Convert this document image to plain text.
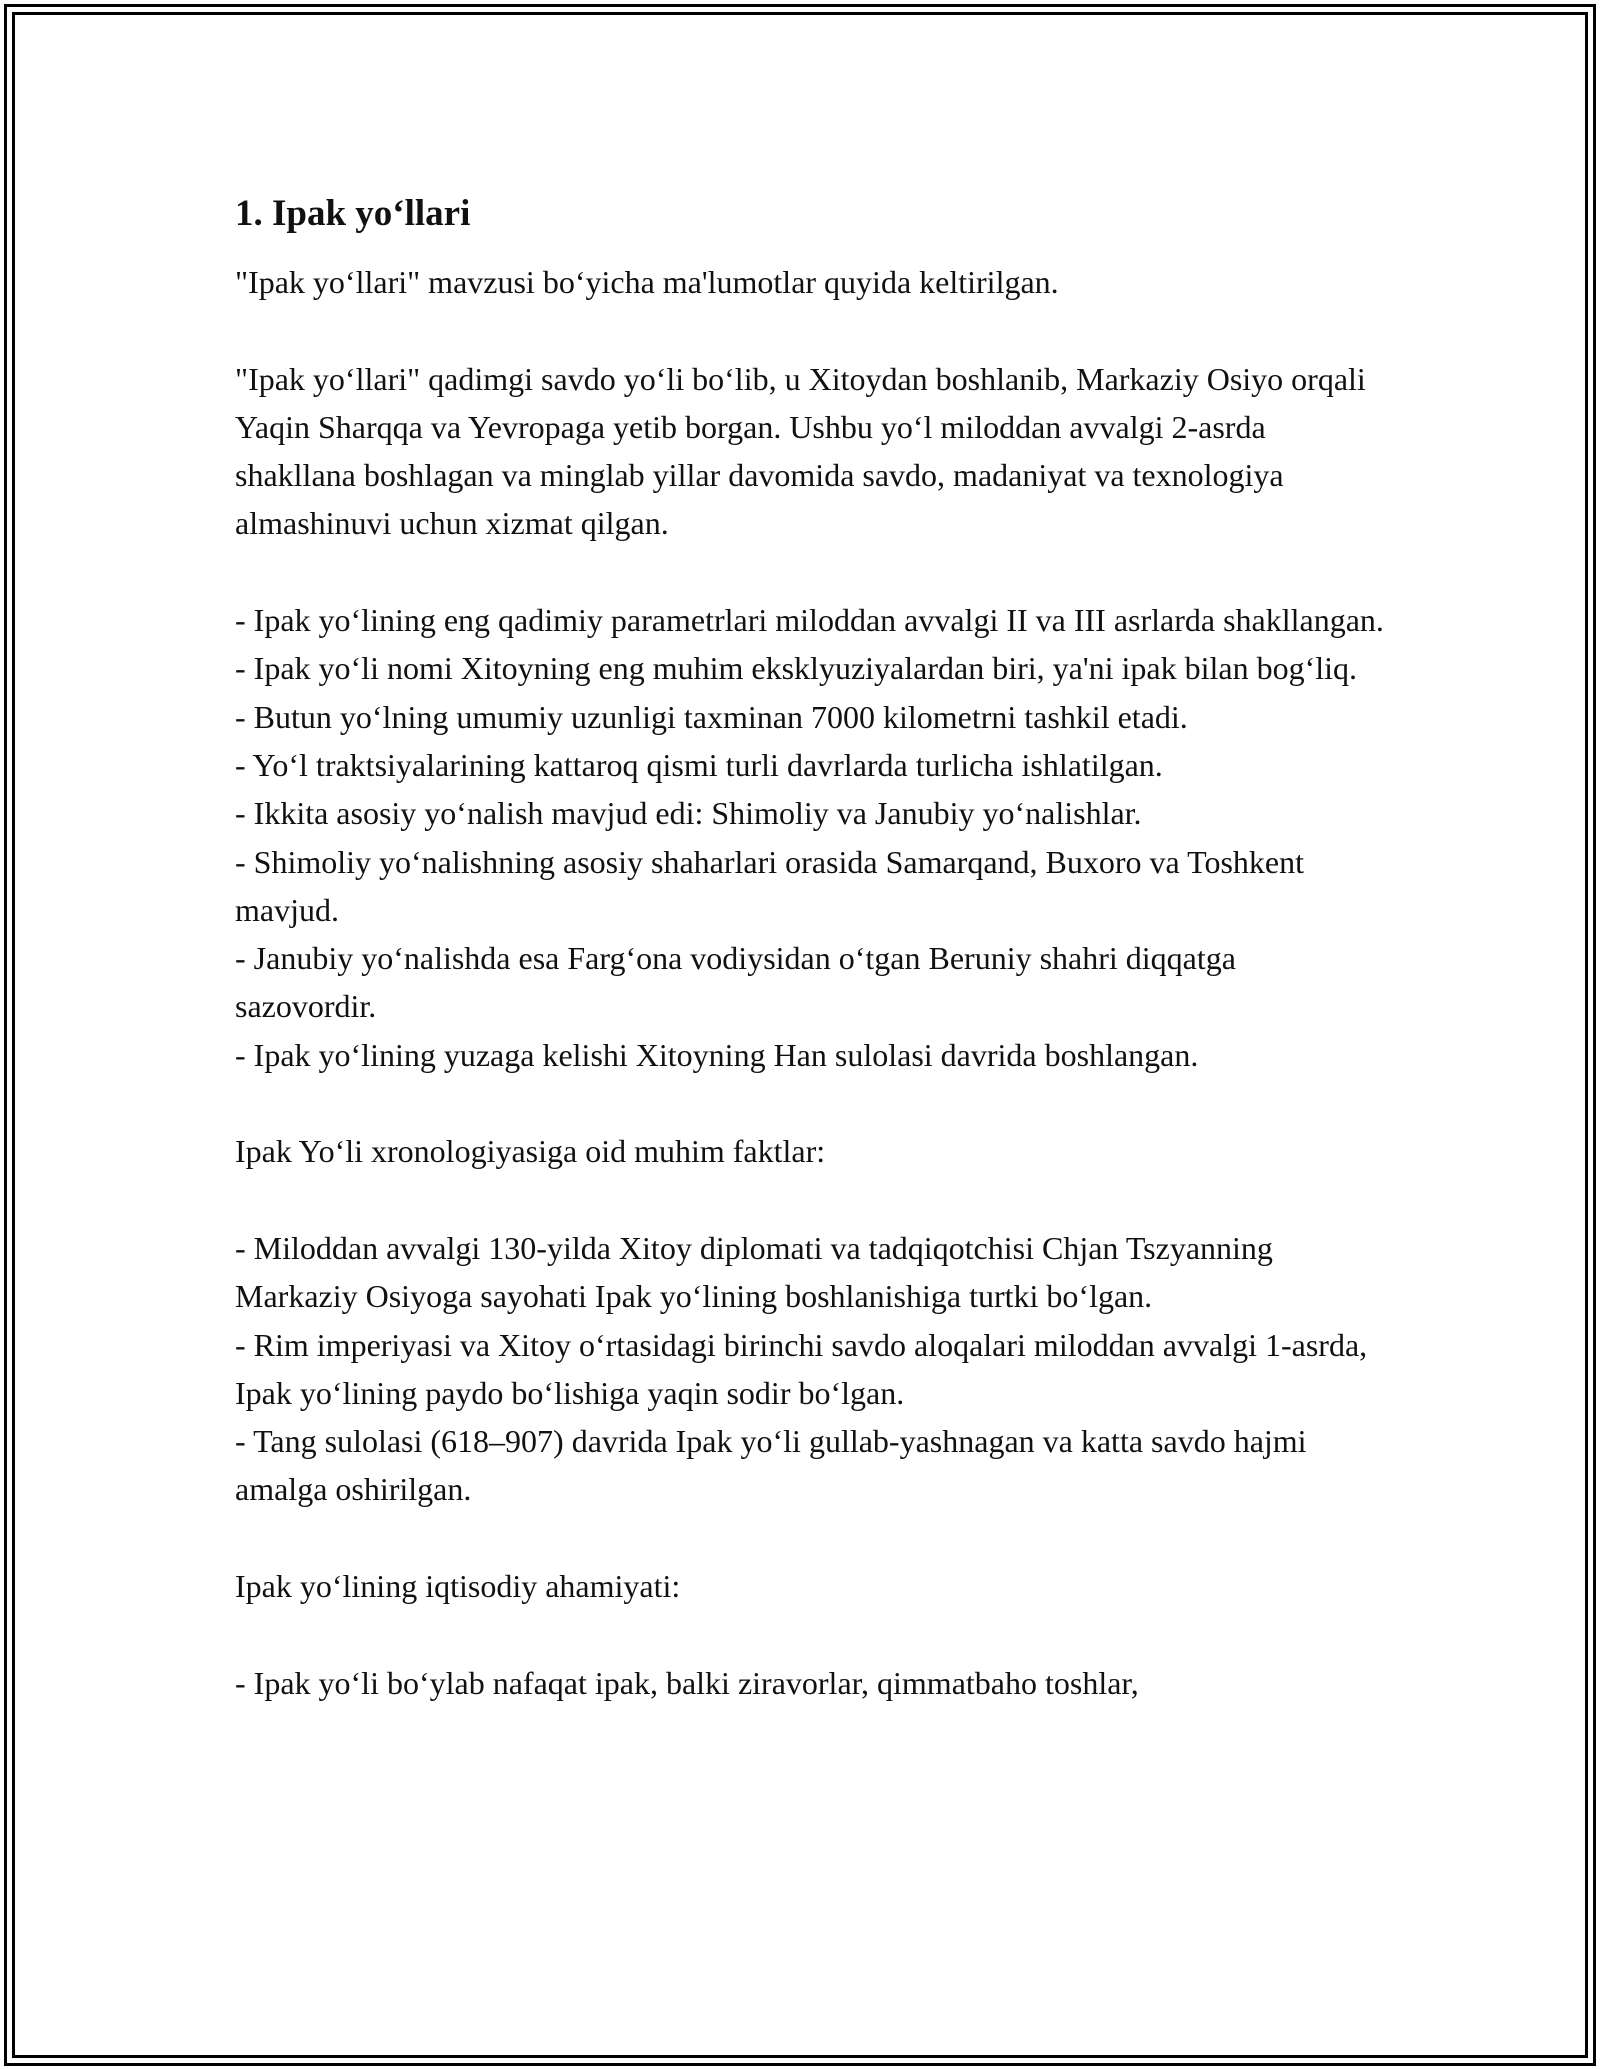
1. Ipak yo‘llari

"Ipak yo‘llari" mavzusi bo‘yicha ma'lumotlar quyida keltirilgan.

"Ipak yo‘llari" qadimgi savdo yo‘li bo‘lib, u Xitoydan boshlanib, Markaziy Osiyo orqali Yaqin Sharqqa va Yevropaga yetib borgan. Ushbu yo‘l miloddan avvalgi 2-asrda shakllana boshlagan va minglab yillar davomida savdo, madaniyat va texnologiya almashinuvi uchun xizmat qilgan.

- Ipak yo‘lining eng qadimiy parametrlari miloddan avvalgi II va III asrlarda shakllangan.

- Ipak yo‘li nomi Xitoyning eng muhim eksklyuziyalardan biri, ya'ni ipak bilan bog‘liq.

- Butun yo‘lning umumiy uzunligi taxminan 7000 kilometrni tashkil etadi.

- Yo‘l traktsiyalarining kattaroq qismi turli davrlarda turlicha ishlatilgan.

- Ikkita asosiy yo‘nalish mavjud edi: Shimoliy va Janubiy yo‘nalishlar.

- Shimoliy yo‘nalishning asosiy shaharlari orasida Samarqand, Buxoro va Toshkent mavjud.

- Janubiy yo‘nalishda esa Farg‘ona vodiysidan o‘tgan Beruniy shahri diqqatga sazovordir.

- Ipak yo‘lining yuzaga kelishi Xitoyning Han sulolasi davrida boshlangan.

Ipak Yo‘li xronologiyasiga oid muhim faktlar:

- Miloddan avvalgi 130-yilda Xitoy diplomati va tadqiqotchisi Chjan Tszyanning Markaziy Osiyoga sayohati Ipak yo‘lining boshlanishiga turtki bo‘lgan.

- Rim imperiyasi va Xitoy o‘rtasidagi birinchi savdo aloqalari miloddan avvalgi 1-asrda, Ipak yo‘lining paydo bo‘lishiga yaqin sodir bo‘lgan.

- Tang sulolasi (618–907) davrida Ipak yo‘li gullab-yashnagan va katta savdo hajmi amalga oshirilgan.

Ipak yo‘lining iqtisodiy ahamiyati:

- Ipak yo‘li bo‘ylab nafaqat ipak, balki ziravorlar, qimmatbaho toshlar,
